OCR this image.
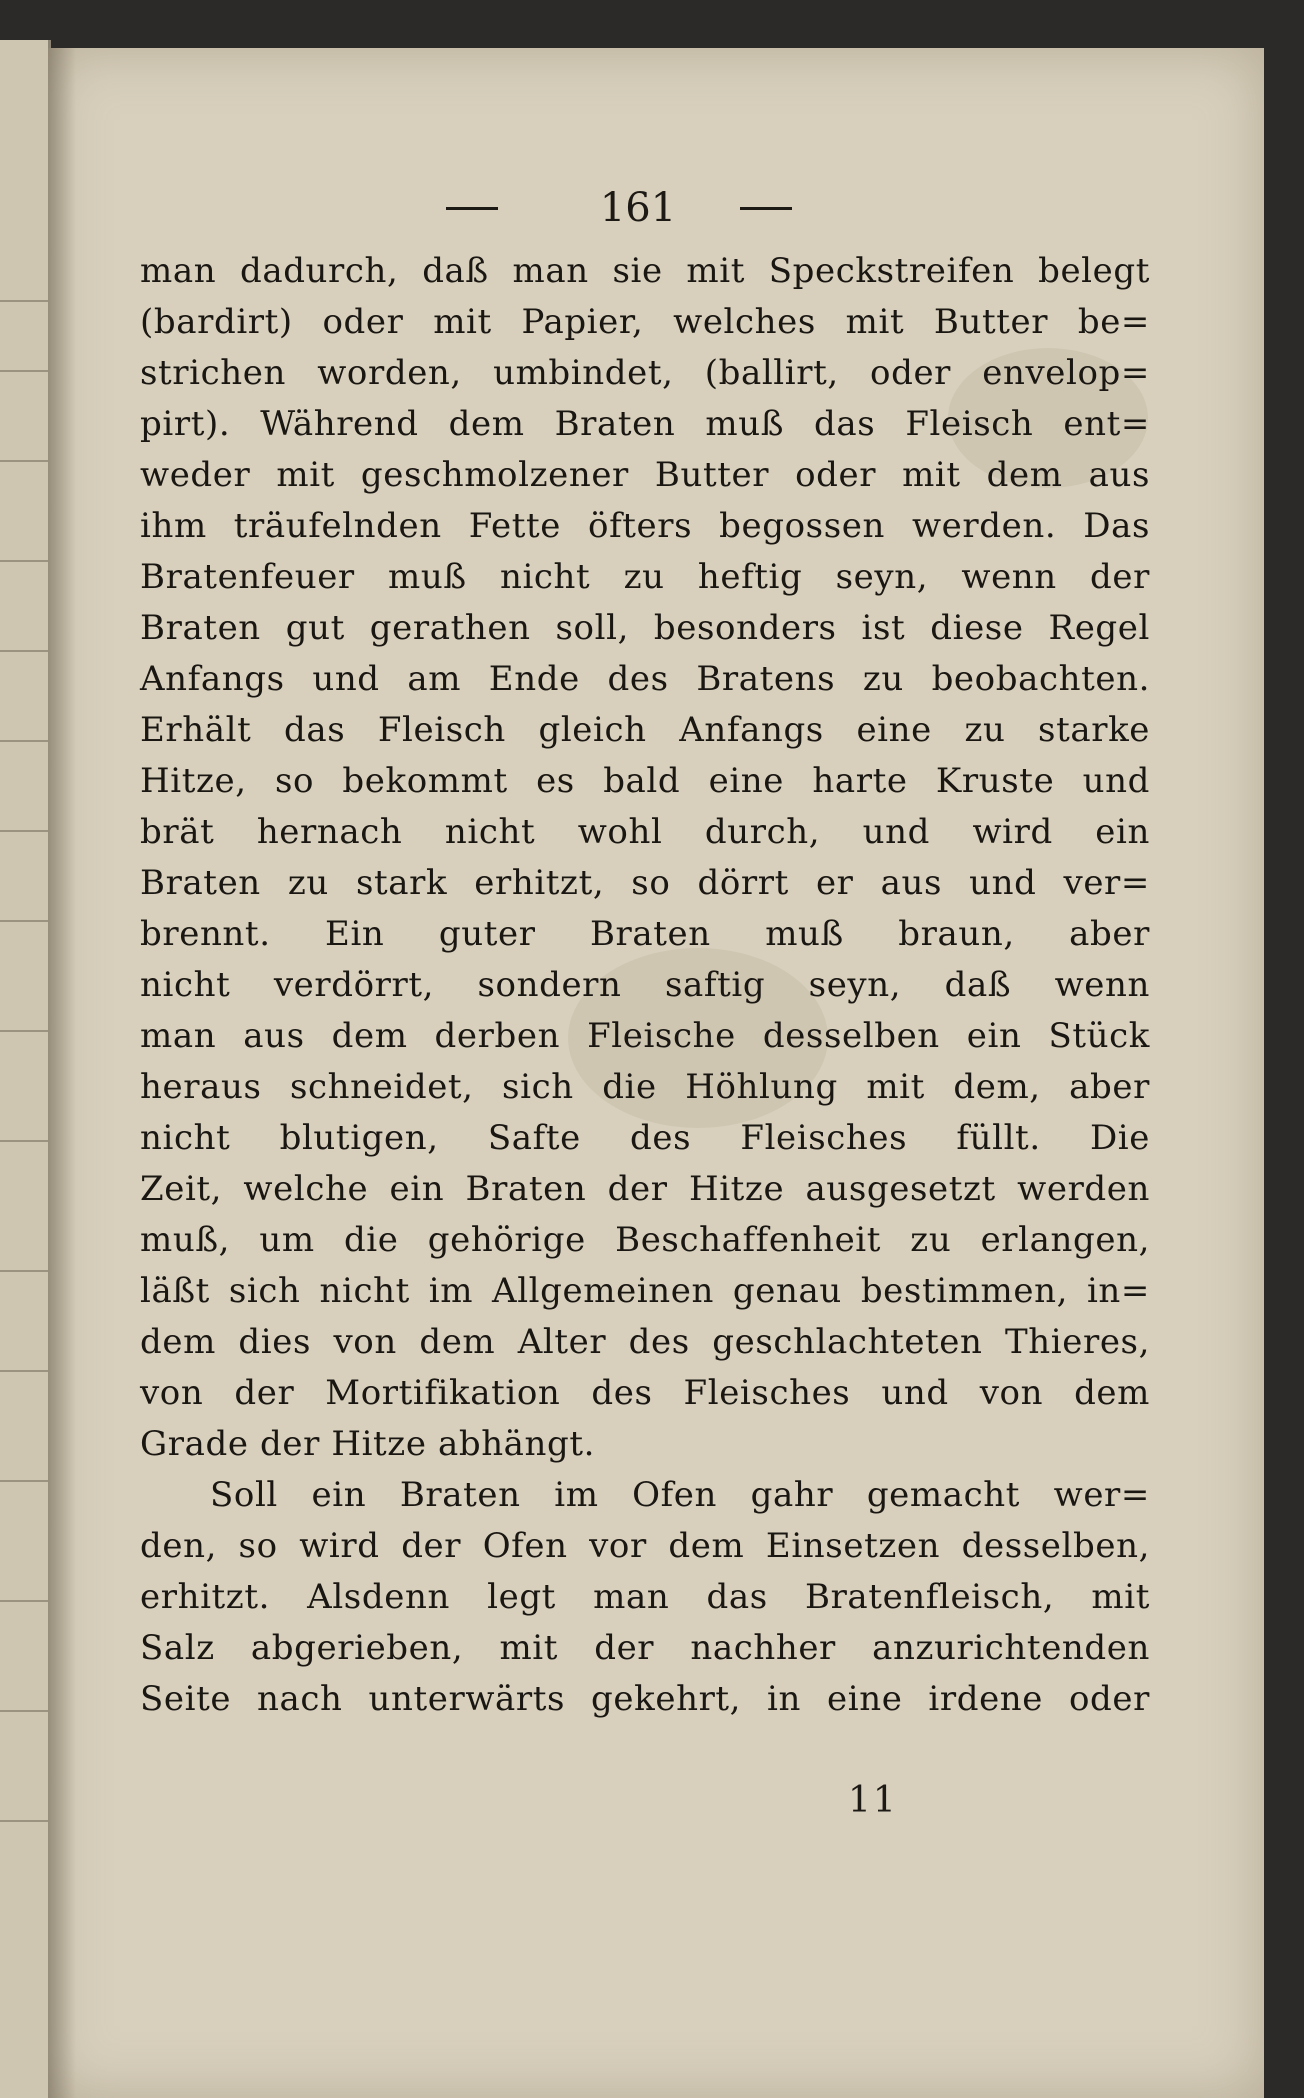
161
man dadurch, daß man sie mit Speckstreifen belegt
(bardirt) oder mit Papier, welches mit Butter be=
strichen worden, umbindet, (ballirt, oder envelop=
pirt). Während dem Braten muß das Fleisch ent=
weder mit geschmolzener Butter oder mit dem aus
ihm träufelnden Fette öfters begossen werden. Das
Bratenfeuer muß nicht zu heftig seyn, wenn der
Braten gut gerathen soll, besonders ist diese Regel
Anfangs und am Ende des Bratens zu beobachten.
Erhält das Fleisch gleich Anfangs eine zu starke
Hitze, so bekommt es bald eine harte Kruste und
brät hernach nicht wohl durch, und wird ein
Braten zu stark erhitzt, so dörrt er aus und ver=
brennt. Ein guter Braten muß braun, aber
nicht verdörrt, sondern saftig seyn, daß wenn
man aus dem derben Fleische desselben ein Stück
heraus schneidet, sich die Höhlung mit dem, aber
nicht blutigen, Safte des Fleisches füllt. Die
Zeit, welche ein Braten der Hitze ausgesetzt werden
muß, um die gehörige Beschaffenheit zu erlangen,
läßt sich nicht im Allgemeinen genau bestimmen, in=
dem dies von dem Alter des geschlachteten Thieres,
von der Mortifikation des Fleisches und von dem
Grade der Hitze abhängt.
Soll ein Braten im Ofen gahr gemacht wer=
den, so wird der Ofen vor dem Einsetzen desselben,
erhitzt. Alsdenn legt man das Bratenfleisch, mit
Salz abgerieben, mit der nachher anzurichtenden
Seite nach unterwärts gekehrt, in eine irdene oder
11
